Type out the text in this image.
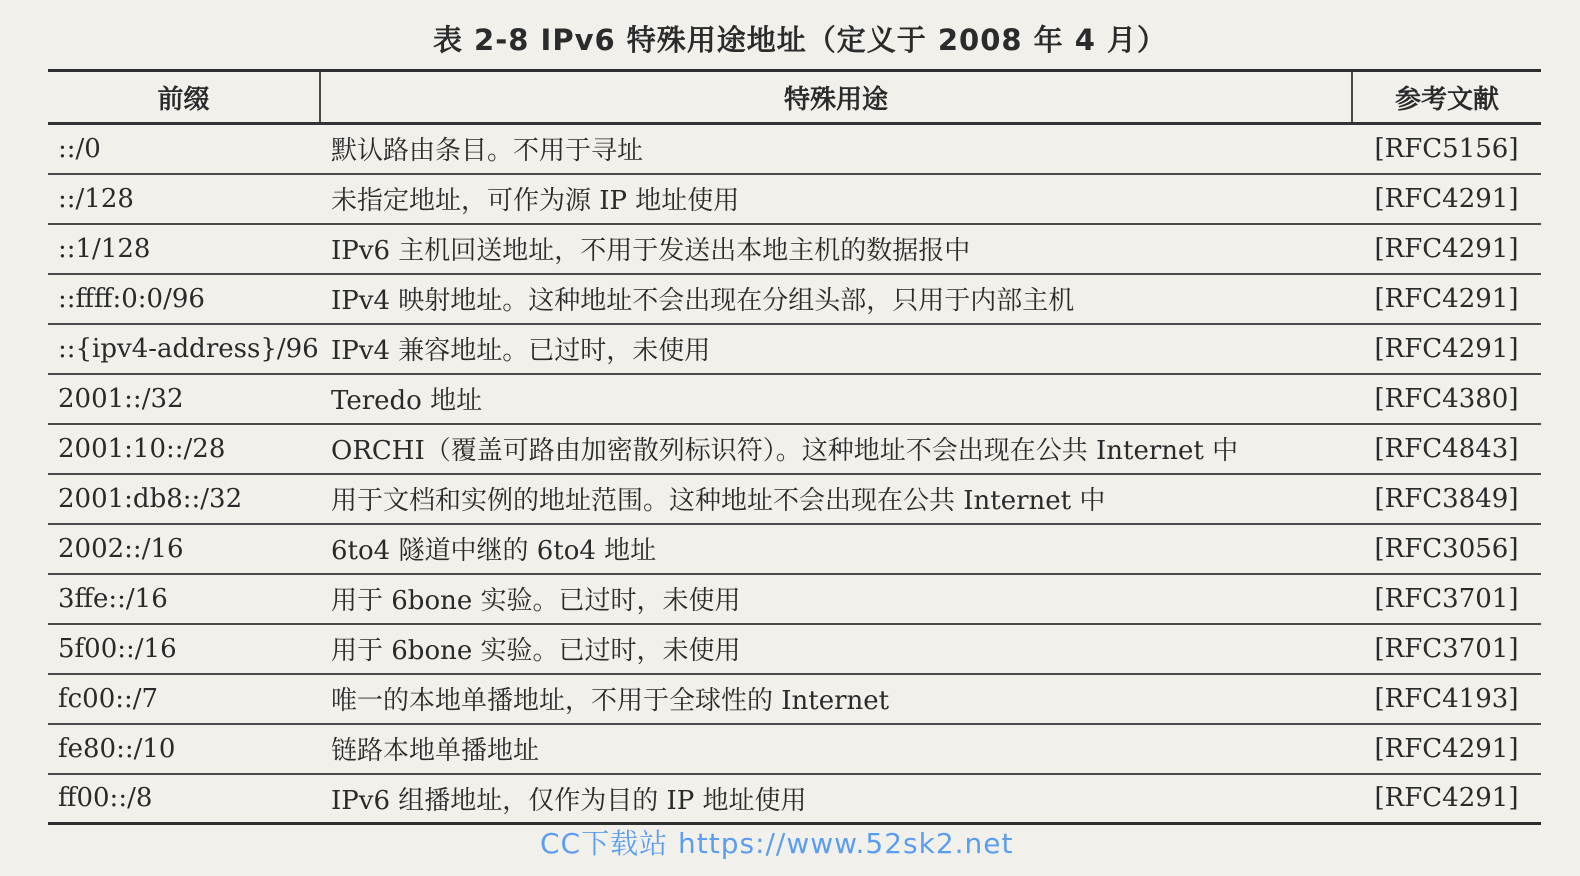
表 2-8 IPv6 特殊用途地址（定义于 2008 年 4 月）
前缀	特殊用途	参考文献
::/0	默认路由条目。不用于寻址	[RFC5156]
::/128	未指定地址，可作为源 IP 地址使用	[RFC4291]
::1/128	IPv6 主机回送地址，不用于发送出本地主机的数据报中	[RFC4291]
::ffff:0:0/96	IPv4 映射地址。这种地址不会出现在分组头部，只用于内部主机	[RFC4291]
::{ipv4-address}/96	IPv4 兼容地址。已过时，未使用	[RFC4291]
2001::/32	Teredo 地址	[RFC4380]
2001:10::/28	ORCHI（覆盖可路由加密散列标识符）。这种地址不会出现在公共 Internet 中	[RFC4843]
2001:db8::/32	用于文档和实例的地址范围。这种地址不会出现在公共 Internet 中	[RFC3849]
2002::/16	6to4 隧道中继的 6to4 地址	[RFC3056]
3ffe::/16	用于 6bone 实验。已过时，未使用	[RFC3701]
5f00::/16	用于 6bone 实验。已过时，未使用	[RFC3701]
fc00::/7	唯一的本地单播地址，不用于全球性的 Internet	[RFC4193]
fe80::/10	链路本地单播地址	[RFC4291]
ff00::/8	IPv6 组播地址，仅作为目的 IP 地址使用	[RFC4291]
CC下载站 https://www.52sk2.net
